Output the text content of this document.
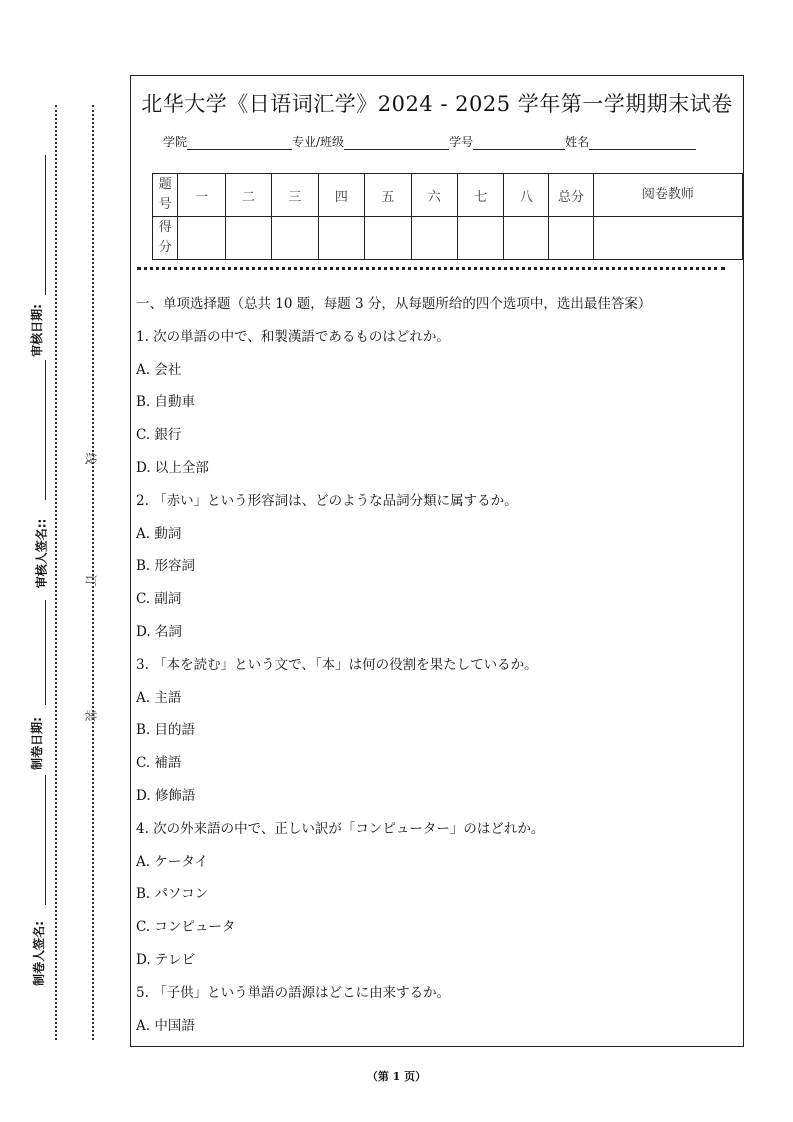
审核日期:
审核人签名::
制卷日期:
制卷人签名:
线
订
装
北华大学《日语词汇学》2024 - 2025 学年第一学期期末试卷
学院	专业/班级	学号	姓名
题号	一	二	三	四	五	六	七	八	总分	阅卷教师
得分										
一、单项选择题（总共 10 题，每题 3 分，从每题所给的四个选项中，选出最佳答案）
1. 次の単語の中で、和製漢語であるものはどれか。
A. 会社
B. 自動車
C. 銀行
D. 以上全部
2. 「赤い」という形容詞は、どのような品詞分類に属するか。
A. 動詞
B. 形容詞
C. 副詞
D. 名詞
3. 「本を読む」という文で、「本」は何の役割を果たしているか。
A. 主語
B. 目的語
C. 補語
D. 修飾語
4. 次の外来語の中で、正しい訳が「コンピューター」のはどれか。
A. ケータイ
B. パソコン
C. コンピュータ
D. テレビ
5. 「子供」という単語の語源はどこに由来するか。
A. 中国語
（第 1 页）
